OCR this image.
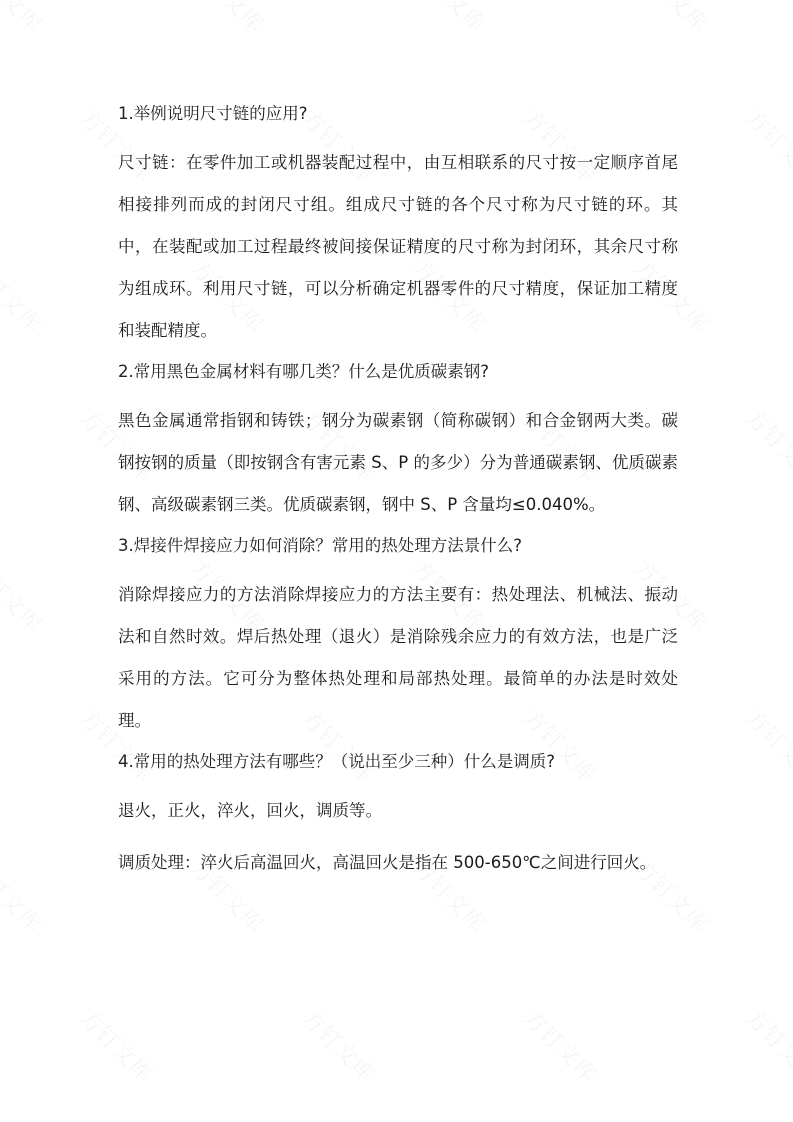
1.举例说明尺寸链的应用?

尺寸链：在零件加工或机器装配过程中，由互相联系的尺寸按一定顺序首尾相接排列而成的封闭尺寸组。组成尺寸链的各个尺寸称为尺寸链的环。其中，在装配或加工过程最终被间接保证精度的尺寸称为封闭环，其余尺寸称为组成环。利用尺寸链，可以分析确定机器零件的尺寸精度，保证加工精度和装配精度。

2.常用黑色金属材料有哪几类？什么是优质碳素钢?

黑色金属通常指钢和铸铁；钢分为碳素钢（简称碳钢）和合金钢两大类。碳钢按钢的质量（即按钢含有害元素 S、P 的多少）分为普通碳素钢、优质碳素钢、高级碳素钢三类。优质碳素钢，钢中 S、P 含量均≤0.040%。

3.焊接件焊接应力如何消除？常用的热处理方法景什么?

消除焊接应力的方法消除焊接应力的方法主要有：热处理法、机械法、振动法和自然时效。焊后热处理（退火）是消除残余应力的有效方法，也是广泛采用的方法。它可分为整体热处理和局部热处理。最简单的办法是时效处理。

4.常用的热处理方法有哪些？（说出至少三种）什么是调质?

退火，正火，淬火，回火，调质等。

调质处理：淬火后高温回火，高温回火是指在 500-650℃之间进行回火。
